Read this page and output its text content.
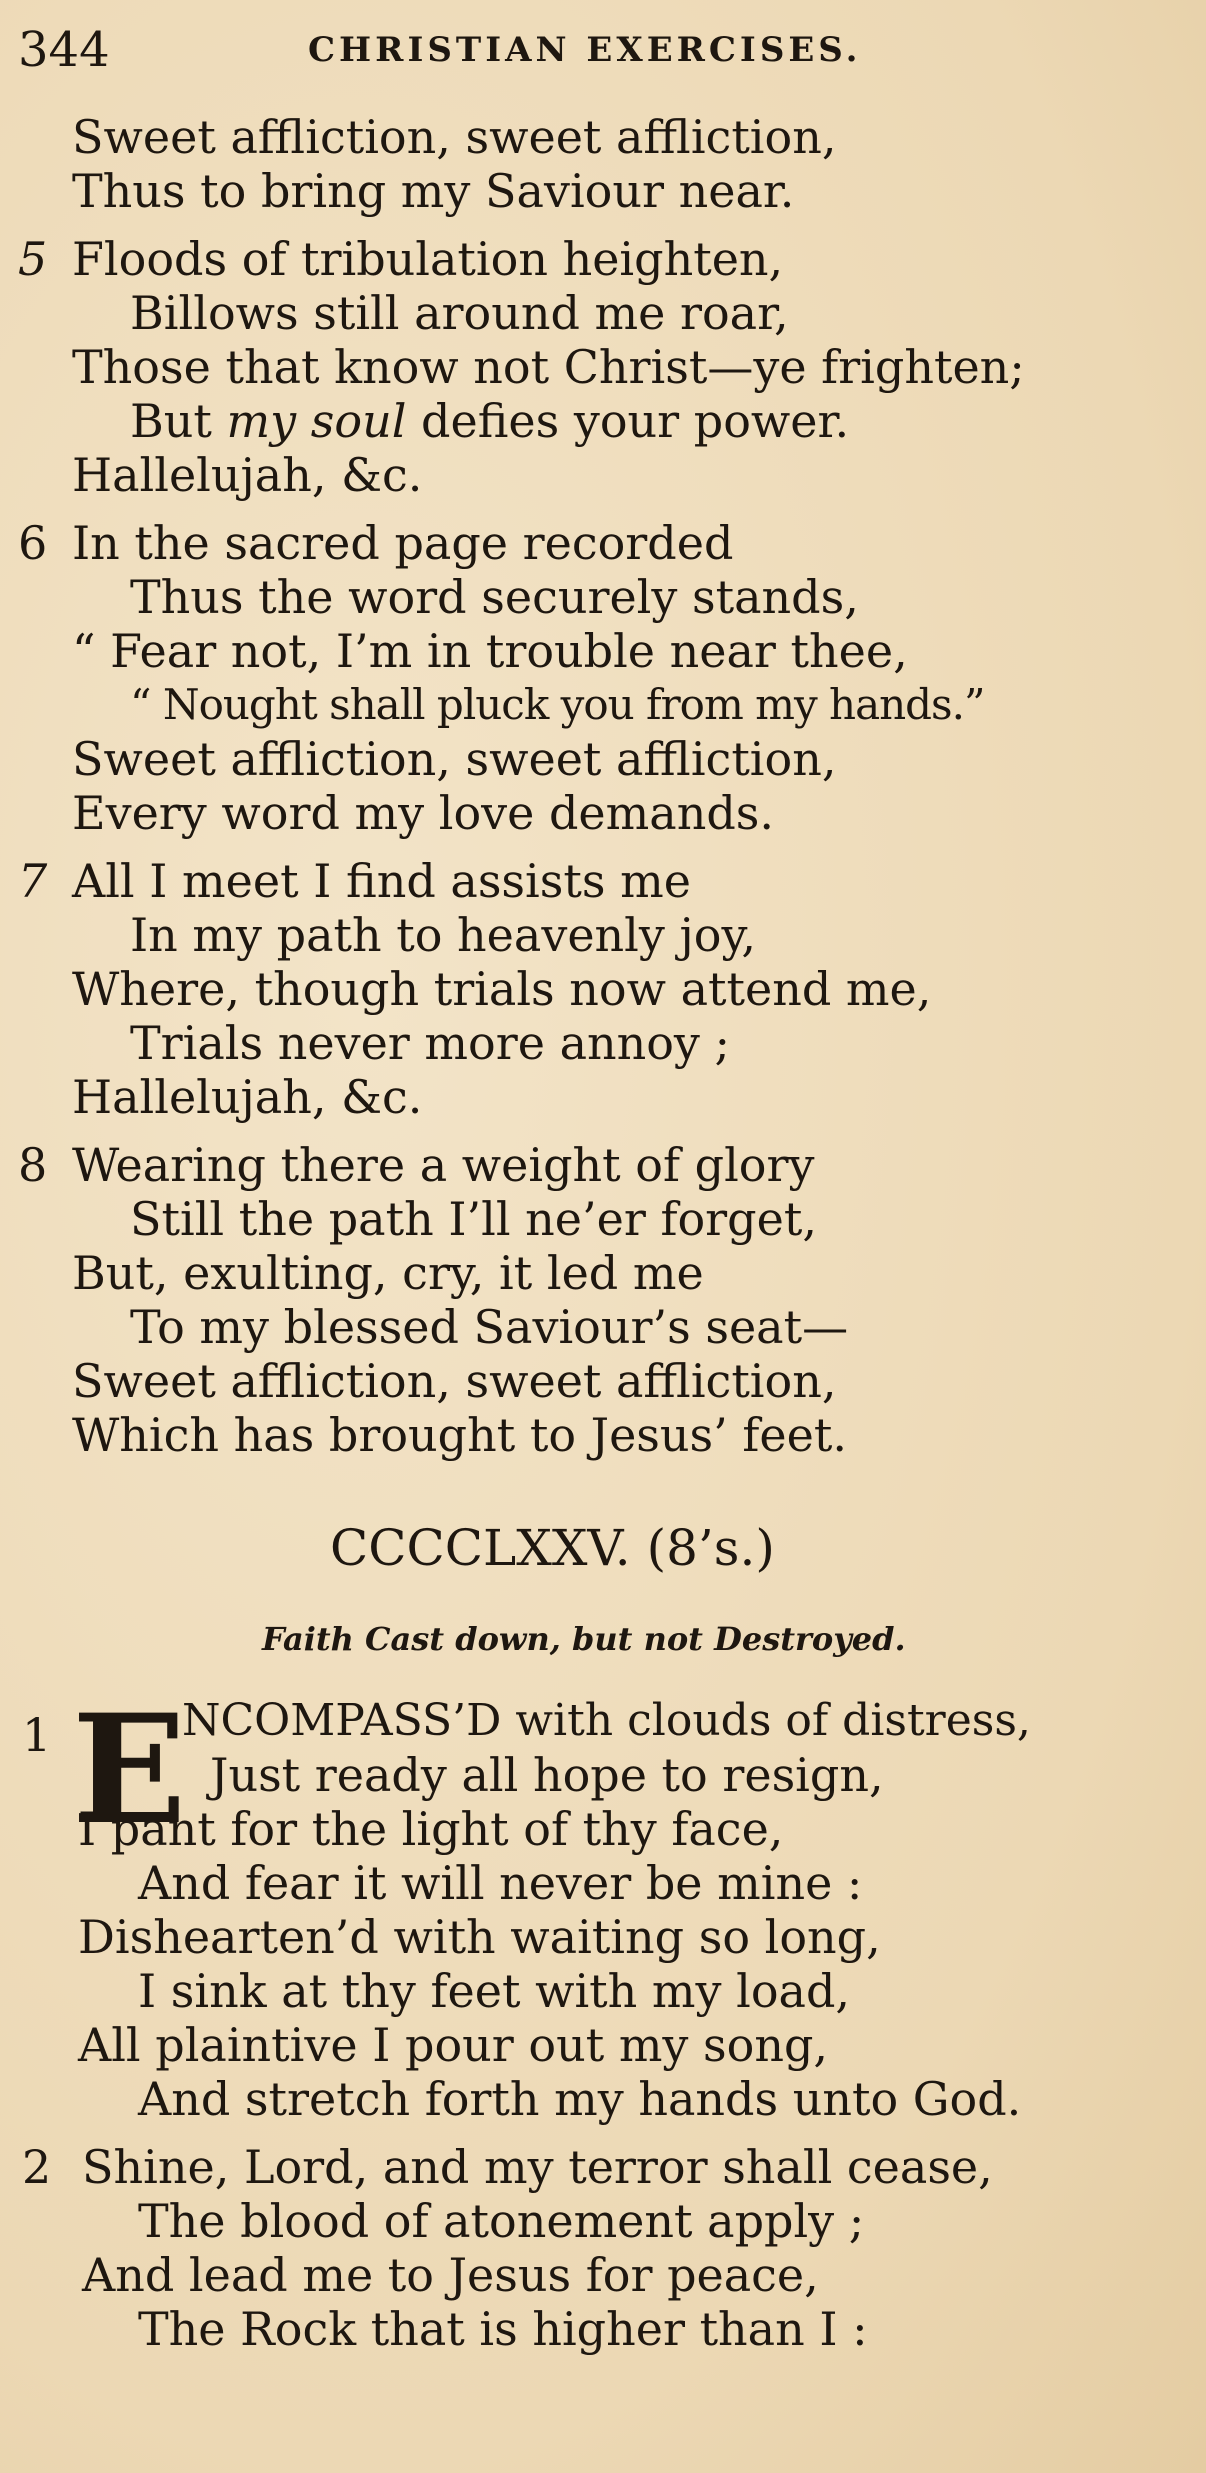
344	CHRISTIAN EXERCISES.
Sweet affliction, sweet affliction,
Thus to bring my Saviour near.
5 Floods of tribulation heighten,
Billows still around me roar,
Those that know not Christ—ye frighten;
But my soul defies your power.
Hallelujah, &c.
6 In the sacred page recorded
Thus the word securely stands,
“ Fear not, I’m in trouble near thee,
“ Nought shall pluck you from my hands.”
Sweet affliction, sweet affliction,
Every word my love demands.
7 All I meet I find assists me
In my path to heavenly joy,
Where, though trials now attend me,
Trials never more annoy ;
Hallelujah, &c.
8 Wearing there a weight of glory
Still the path I’ll ne’er forget,
But, exulting, cry, it led me
To my blessed Saviour’s seat—
Sweet affliction, sweet affliction,
Which has brought to Jesus’ feet.
CCCCLXXV. (8’s.)
Faith Cast down, but not Destroyed.
1 E
NCOMPASS’D with clouds of distress,
Just ready all hope to resign,
I pant for the light of thy face,
And fear it will never be mine :
Dishearten’d with waiting so long,
I sink at thy feet with my load,
All plaintive I pour out my song,
And stretch forth my hands unto God.
2 Shine, Lord, and my terror shall cease,
The blood of atonement apply ;
And lead me to Jesus for peace,
The Rock that is higher than I :
